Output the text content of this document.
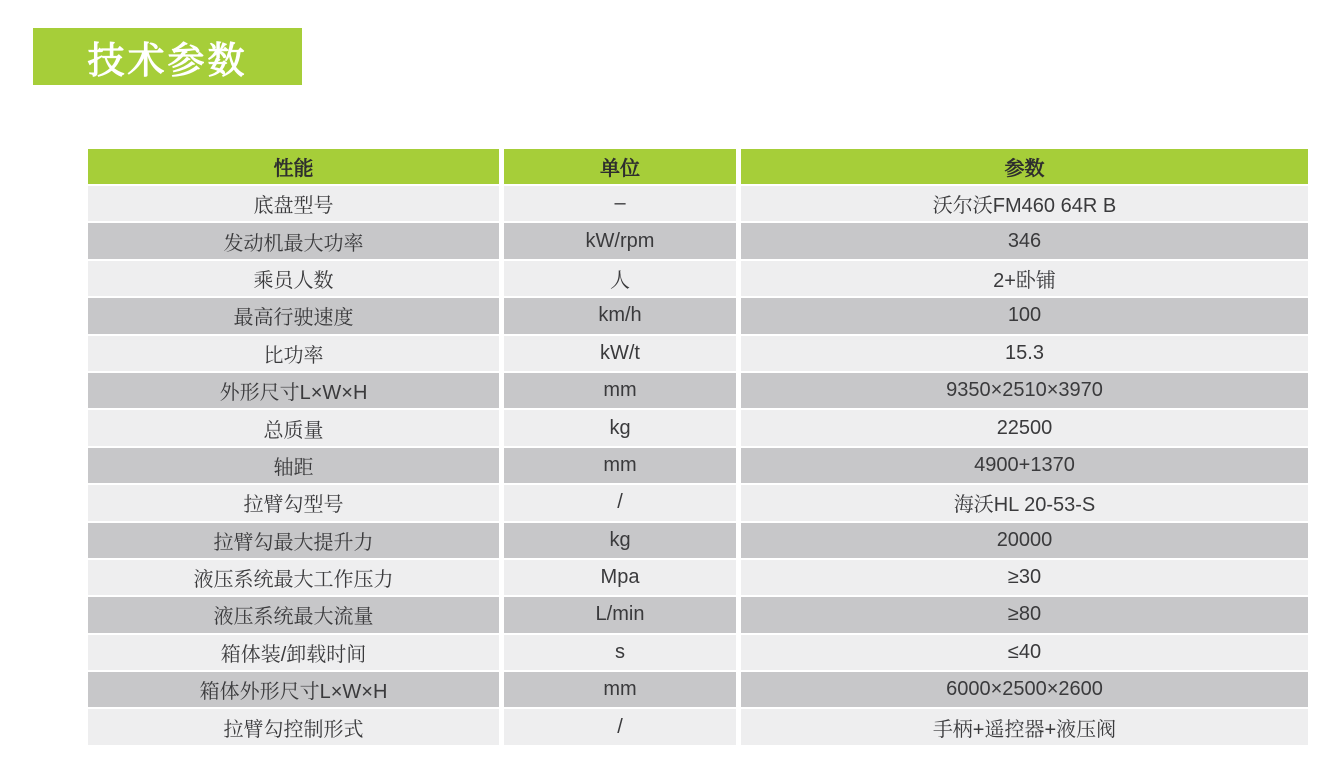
技术参数
性能	单位	参数
底盘型号	–	沃尔沃FM460 64R B
发动机最大功率	kW/rpm	346
乘员人数	人	2+卧铺
最高行驶速度	km/h	100
比功率	kW/t	15.3
外形尺寸L×W×H	mm	9350×2510×3970
总质量	kg	22500
轴距	mm	4900+1370
拉臂勾型号	/	海沃HL 20-53-S
拉臂勾最大提升力	kg	20000
液压系统最大工作压力	Mpa	≥30
液压系统最大流量	L/min	≥80
箱体装/卸载时间	s	≤40
箱体外形尺寸L×W×H	mm	6000×2500×2600
拉臂勾控制形式	/	手柄+遥控器+液压阀
